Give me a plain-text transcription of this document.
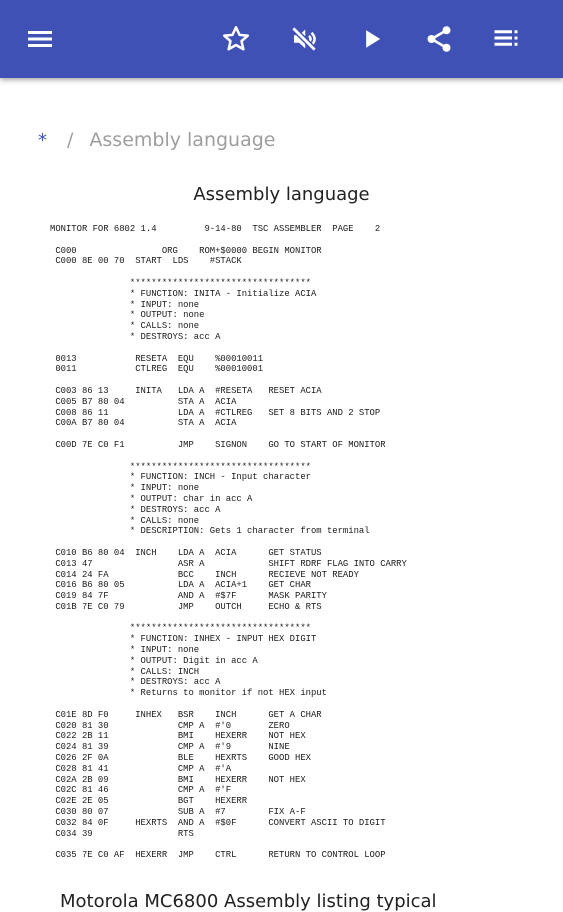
* / Assembly language
Assembly language
MONITOR FOR 6802 1.4         9-14-80  TSC ASSEMBLER  PAGE    2

C000                ORG    ROM+$0000 BEGIN MONITOR
C000 8E 00 70  START  LDS    #STACK

**********************************
* FUNCTION: INITA - Initialize ACIA
* INPUT: none
* OUTPUT: none
* CALLS: none
* DESTROYS: acc A

0013           RESETA  EQU    %00010011
0011           CTLREG  EQU    %00010001

C003 86 13     INITA   LDA A  #RESETA   RESET ACIA
C005 B7 80 04          STA A  ACIA
C008 86 11             LDA A  #CTLREG   SET 8 BITS AND 2 STOP
C00A B7 80 04          STA A  ACIA

C00D 7E C0 F1          JMP    SIGNON    GO TO START OF MONITOR

**********************************
* FUNCTION: INCH - Input character
* INPUT: none
* OUTPUT: char in acc A
* DESTROYS: acc A
* CALLS: none
* DESCRIPTION: Gets 1 character from terminal

C010 B6 80 04  INCH    LDA A  ACIA      GET STATUS
C013 47                ASR A            SHIFT RDRF FLAG INTO CARRY
C014 24 FA             BCC    INCH      RECIEVE NOT READY
C016 B6 80 05          LDA A  ACIA+1    GET CHAR
C019 84 7F             AND A  #$7F      MASK PARITY
C01B 7E C0 79          JMP    OUTCH     ECHO & RTS

**********************************
* FUNCTION: INHEX - INPUT HEX DIGIT
* INPUT: none
* OUTPUT: Digit in acc A
* CALLS: INCH
* DESTROYS: acc A
* Returns to monitor if not HEX input

C01E 8D F0     INHEX   BSR    INCH      GET A CHAR
C020 81 30             CMP A  #'0       ZERO
C022 2B 11             BMI    HEXERR    NOT HEX
C024 81 39             CMP A  #'9       NINE
C026 2F 0A             BLE    HEXRTS    GOOD HEX
C028 81 41             CMP A  #'A
C02A 2B 09             BMI    HEXERR    NOT HEX
C02C 81 46             CMP A  #'F
C02E 2E 05             BGT    HEXERR
C030 80 07             SUB A  #7        FIX A-F
C032 84 0F     HEXRTS  AND A  #$0F      CONVERT ASCII TO DIGIT
C034 39                RTS

C035 7E C0 AF  HEXERR  JMP    CTRL      RETURN TO CONTROL LOOP
Motorola MC6800 Assembly listing typical
